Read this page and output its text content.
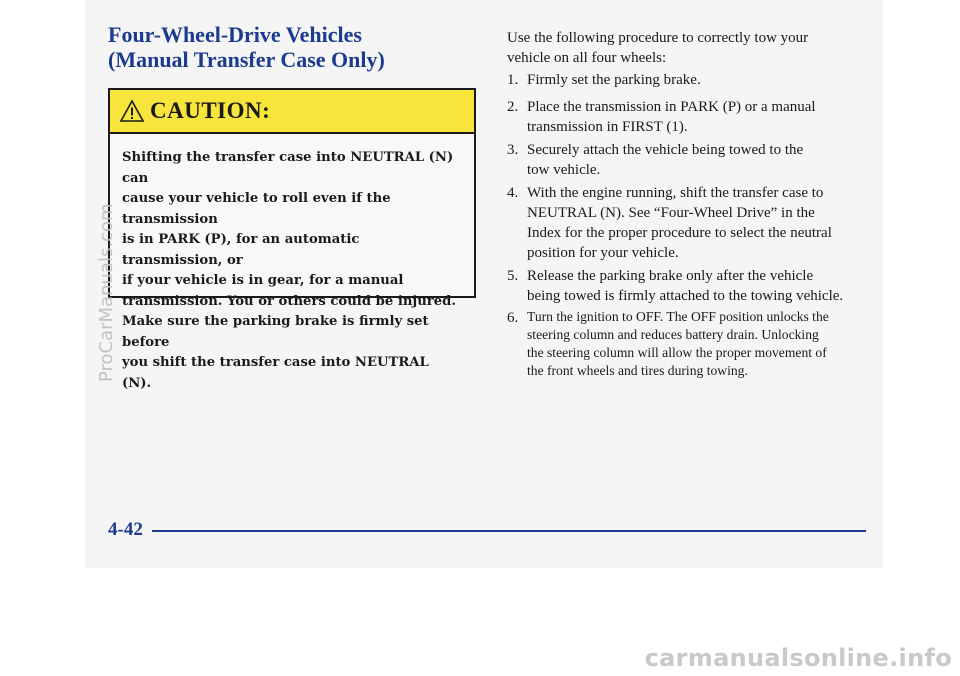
Four-Wheel-Drive Vehicles
(Manual Transfer Case Only)
CAUTION:

Shifting the transfer case into NEUTRAL (N) can
cause your vehicle to roll even if the transmission
is in PARK (P), for an automatic transmission, or
if your vehicle is in gear, for a manual
transmission. You or others could be injured.
Make sure the parking brake is firmly set before
you shift the transfer case into NEUTRAL (N).

Use the following procedure to correctly tow your
vehicle on all four wheels:

1. Firmly set the parking brake.

2. Place the transmission in PARK (P) or a manual
transmission in FIRST (1).

3. Securely attach the vehicle being towed to the
tow vehicle.

4. With the engine running, shift the transfer case to
NEUTRAL (N). See “Four-Wheel Drive” in the
Index for the proper procedure to select the neutral
position for your vehicle.

5. Release the parking brake only after the vehicle
being towed is firmly attached to the towing vehicle.

6. Turn the ignition to OFF. The OFF position unlocks the
steering column and reduces battery drain. Unlocking
the steering column will allow the proper movement of
the front wheels and tires during towing.

4-42
ProCarManuals.com
carmanualsonline.info
